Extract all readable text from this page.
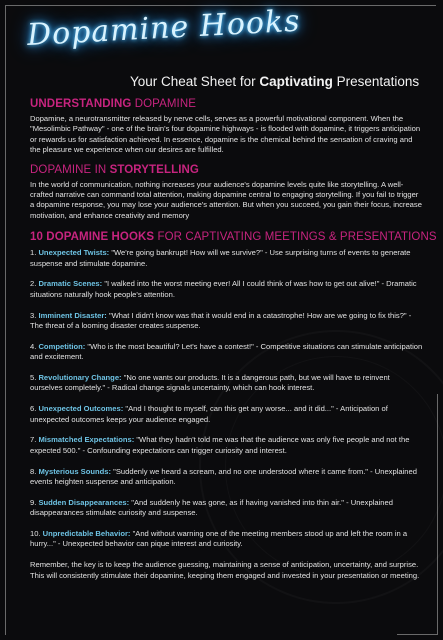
Dopamine Hooks
Your Cheat Sheet for Captivating Presentations
UNDERSTANDING DOPAMINE
Dopamine, a neurotransmitter released by nerve cells, serves as a powerful motivational component. When the "Mesolimbic Pathway" - one of the brain's four dopamine highways - is flooded with dopamine, it triggers anticipation or rewards us for satisfaction achieved. In essence, dopamine is the chemical behind the sensation of craving and the pleasure we experience when our desires are fulfilled.
DOPAMINE IN STORYTELLING
In the world of communication, nothing increases your audience's dopamine levels quite like storytelling. A well-crafted narrative can command total attention, making dopamine central to engaging storytelling. If you fail to trigger a dopamine response, you may lose your audience's attention. But when you succeed, you gain their focus, increase motivation, and enhance creativity and memory
10 DOPAMINE HOOKS FOR CAPTIVATING MEETINGS & PRESENTATIONS
1. Unexpected Twists: "We're going bankrupt! How will we survive?" - Use surprising turns of events to generate suspense and stimulate dopamine.
2. Dramatic Scenes: "I walked into the worst meeting ever! All I could think of was how to get out alive!" - Dramatic situations naturally hook people's attention.
3. Imminent Disaster: "What I didn't know was that it would end in a catastrophe! How are we going to fix this?" - The threat of a looming disaster creates suspense.
4. Competition: "Who is the most beautiful? Let's have a contest!" - Competitive situations can stimulate anticipation and excitement.
5. Revolutionary Change: "No one wants our products. It is a dangerous path, but we will have to reinvent ourselves completely." - Radical change signals uncertainty, which can hook interest.
6. Unexpected Outcomes: "And I thought to myself, can this get any worse... and it did..." - Anticipation of unexpected outcomes keeps your audience engaged.
7. Mismatched Expectations: "What they hadn't told me was that the audience was only five people and not the expected 500." - Confounding expectations can trigger curiosity and interest.
8. Mysterious Sounds: "Suddenly we heard a scream, and no one understood where it came from." - Unexplained events heighten suspense and anticipation.
9. Sudden Disappearances: "And suddenly he was gone, as if having vanished into thin air." - Unexplained disappearances stimulate curiosity and suspense.
10. Unpredictable Behavior: "And without warning one of the meeting members stood up and left the room in a hurry..." - Unexpected behavior can pique interest and curiosity.
Remember, the key is to keep the audience guessing, maintaining a sense of anticipation, uncertainty, and surprise. This will consistently stimulate their dopamine, keeping them engaged and invested in your presentation or meeting.
